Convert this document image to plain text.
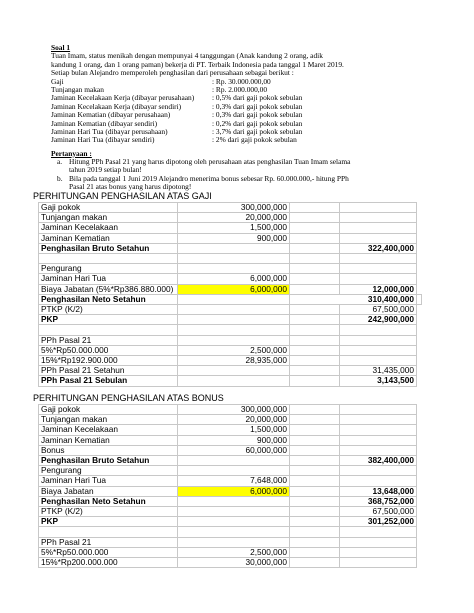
Soal 1
Tuan Imam, status menikah dengan mempunyai 4 tanggungan (Anak kandung 2 orang, adik
kandung 1 orang, dan 1 orang paman) bekerja di PT. Terbaik Indonesia pada tanggal 1 Maret 2019.
Setiap bulan Alejandro memperoleh penghasilan dari perusahaan sebagai berikut :
Gaji	: Rp. 30.000.000,00
Tunjangan makan	: Rp. 2.000.000,00
Jaminan Kecelakaan Kerja (dibayar perusahaan) : 0,5% dari gaji pokok sebulan
Jaminan Kecelakaan Kerja (dibayar sendiri)	: 0,3% dari gaji pokok sebulan
Jaminan Kematian (dibayar perusahaan)	: 0,3% dari gaji pokok sebulan
Jaminan Kematian (dibayar sendiri)	: 0,2% dari gaji pokok sebulan
Jaminan Hari Tua (dibayar perusahaan)	: 3,7% dari gaji pokok sebulan
Jaminan Hari Tua (dibayar sendiri)	: 2% dari gaji pokok sebulan
Pertanyaan :
a. Hitung PPh Pasal 21 yang harus dipotong oleh perusahaan atas penghasilan Tuan Imam selama
tahun 2019 setiap bulan!
b. Bila pada tanggal 1 Juni 2019 Alejandro menerima bonus sebesar Rp. 60.000.000,- hitung PPh
Pasal 21 atas bonus yang harus dipotong!
PERHITUNGAN PENGHASILAN ATAS GAJI
Gaji pokok	300,000,000			
Tunjangan makan	20,000,000			
Jaminan Kecelakaan	1,500,000			
Jaminan Kematian	900,000			
Penghasilan Bruto Setahun			322,400,000	

Pengurang				
Jaminan Hari Tua	6,000,000			
Biaya Jabatan (5%*Rp386.880.000)	6,000,000		12,000,000	
Penghasilan Neto Setahun		310,400,000		
PTKP (K/2)			67,500,000	
PKP			242,900,000	

PPh Pasal 21				
5%*Rp50.000.000	2,500,000			
15%*Rp192.900.000	28,935,000			
PPh Pasal 21 Setahun			31,435,000	
PPh Pasal 21 Sebulan			3,143,500	
PERHITUNGAN PENGHASILAN ATAS BONUS
Gaji pokok	300,000,000		
Tunjangan makan	20,000,000		
Jaminan Kecelakaan	1,500,000		
Jaminan Kematian	900,000		
Bonus	60,000,000		
Penghasilan Bruto Setahun			382,400,000
Pengurang			
Jaminan Hari Tua	7,648,000		
Biaya Jabatan	6,000,000		13,648,000
Penghasilan Neto Setahun			368,752,000
PTKP (K/2)			67,500,000
PKP			301,252,000

PPh Pasal 21			
5%*Rp50.000.000	2,500,000		
15%*Rp200.000.000	30,000,000		
